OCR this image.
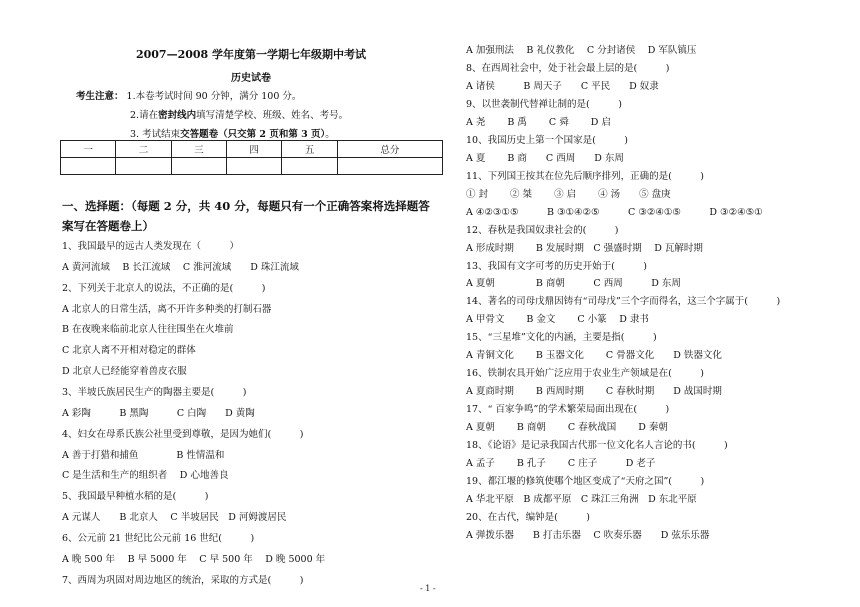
2007—2008 学年度第一学期七年级期中考试
历史试卷
考生注意： 1.本卷考试时间 90 分钟，满分 100 分。
2.请在密封线内填写清楚学校、班级、姓名、考号。
3. 考试结束交答题卷（只交第 2 页和第 3 页）。
一	二	三	四	五	总分

一、选择题：（每题 2 分，共 40 分，每题只有一个正确答案将选择题答案写在答题卷上）
1、我国最早的远古人类发现在（　　　）
A 黄河流域　 B 长江流域　 C 淮河流域　　D 珠江流域
2、下列关于北京人的说法，不正确的是(　　　)
A 北京人的日常生活，离不开许多种类的打制石器
B 在夜晚来临前北京人往往围坐在火堆前
C 北京人离不开相对稳定的群体
D 北京人已经能穿着兽皮衣服
3、半坡氏族居民生产的陶器主要是(　　　)
A 彩陶　　　B 黑陶　　　C 白陶　　D 黄陶
4、妇女在母系氏族公社里受到尊敬，是因为她们(　　　)
A 善于打猎和捕鱼　　　　B 性情温和
C 是生活和生产的组织者　 D 心地善良
5、我国最早种植水稻的是(　　　)
A 元谋人　　B 北京人　 C 半坡居民　D 河姆渡居民
6、公元前 21 世纪比公元前 16 世纪(　　　)
A 晚 500 年　 B 早 5000 年　 C 早 500 年　 D 晚 5000 年
7、西周为巩固对周边地区的统治，采取的方式是(　　　)
A 加强刑法　 B 礼仪教化　 C 分封诸侯　 D 军队镇压
8、在西周社会中，处于社会最上层的是(　　　)
A 诸侯　　　B 周天子　　C 平民　　D 奴隶
9、以世袭制代替禅让制的是(　　　)
A 尧　　 B 禹　　 C 舜　　 D 启
10、我国历史上第一个国家是(　　　)
A 夏　　 B 商　　C 西周　　D 东周
11、下列国王按其在位先后顺序排列，正确的是(　　　)
① 封　　 ② 桀　　 ③ 启　　 ④ 汤　　⑤ 盘庚
A ④②③①⑤　　　B ③①④②⑤　　　C ③②④①⑤　　　D ③②④⑤①
12、春秋是我国奴隶社会的(　　　)
A 形成时期　　 B 发展时期　C 强盛时期　 D 瓦解时期
13、我国有文字可考的历史开始于(　　　)
A 夏朝　　　　 B 商朝　　　C 西周　　　D 东周
14、著名的司母戊鼎因铸有“司母戊”三个字而得名，这三个字属于(　　　)
A 甲骨文　　 B 金文　　 C 小篆　 D 隶书
15、“三星堆”文化的内涵，主要是指(　　　)
A 青铜文化　　 B 玉器文化　　 C 骨器文化　　D 铁器文化
16、铁制农具开始广泛应用于农业生产领域是在(　　　)
A 夏商时期　　 B 西周时期　　 C 春秋时期　　D 战国时期
17、“ 百家争鸣”的学术繁荣局面出现在(　　　)
A 夏朝　　 B 商朝　　 C 春秋战国　　 D 秦朝
18、《论语》是记录我国古代那一位文化名人言论的书(　　　)
A 孟子　　 B 孔子　　 C 庄子　　　D 老子
19、都江堰的修筑使哪个地区变成了“天府之国”(　　　)
A 华北平原　B 成都平原　C 珠江三角洲　D 东北平原
20、在古代，编钟是(　　　)
A 弹拨乐器　　B 打击乐器　 C 吹奏乐器　　D 弦乐乐器
- 1 -
